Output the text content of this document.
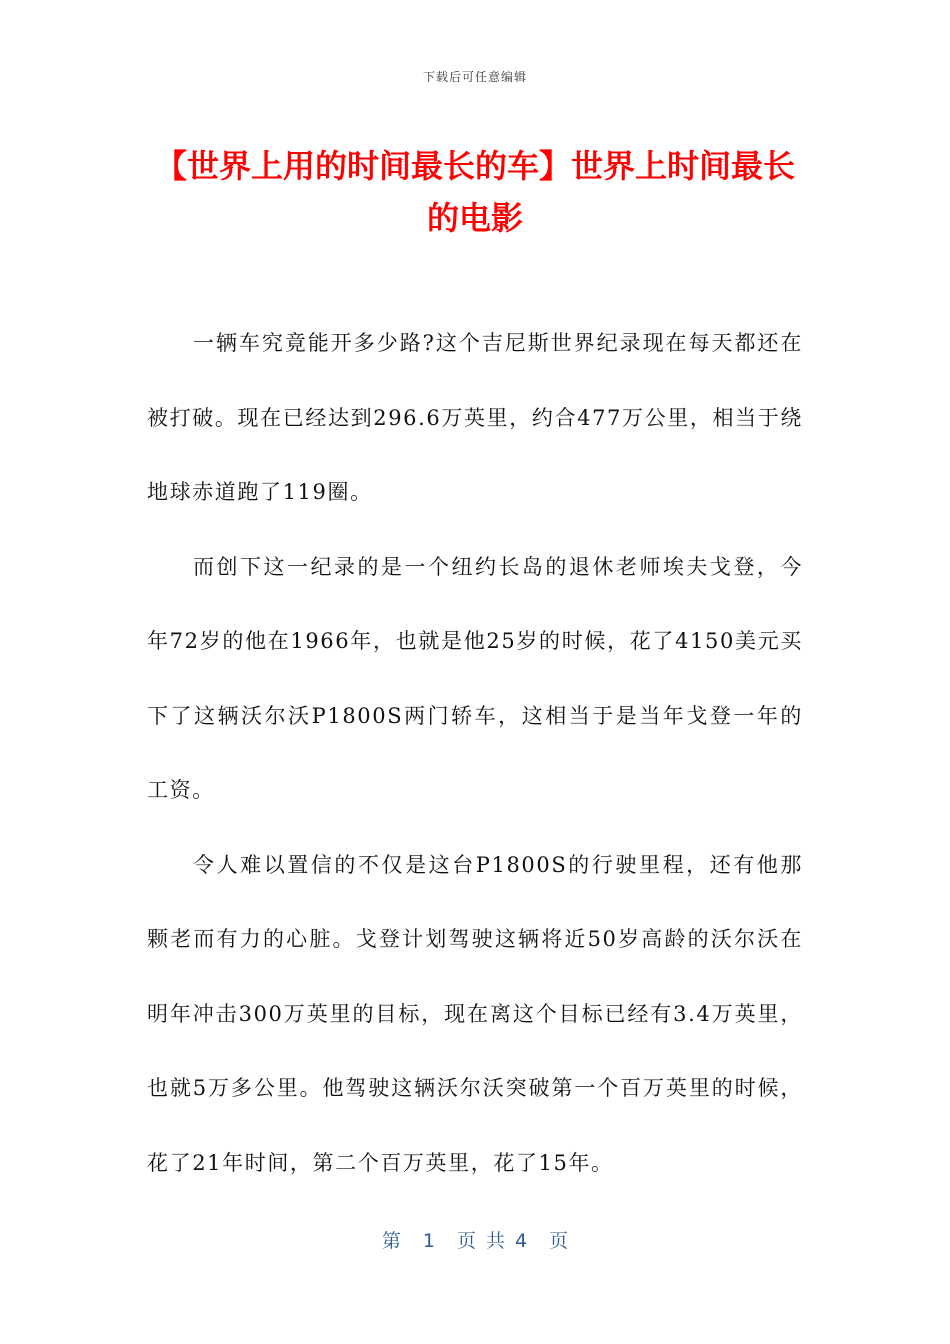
下载后可任意编辑
【世界上用的时间最长的车】世界上时间最长的电影

一辆车究竟能开多少路?这个吉尼斯世界纪录现在每天都还在被打破。现在已经达到296.6万英里，约合477万公里，相当于绕地球赤道跑了119圈。

而创下这一纪录的是一个纽约长岛的退休老师埃夫戈登，今年72岁的他在1966年，也就是他25岁的时候，花了4150美元买下了这辆沃尔沃P1800S两门轿车，这相当于是当年戈登一年的工资。

令人难以置信的不仅是这台P1800S的行驶里程，还有他那颗老而有力的心脏。戈登计划驾驶这辆将近50岁高龄的沃尔沃在明年冲击300万英里的目标，现在离这个目标已经有3.4万英里，也就5万多公里。他驾驶这辆沃尔沃突破第一个百万英里的时候，花了21年时间，第二个百万英里，花了15年。

第 1 页共4 页
